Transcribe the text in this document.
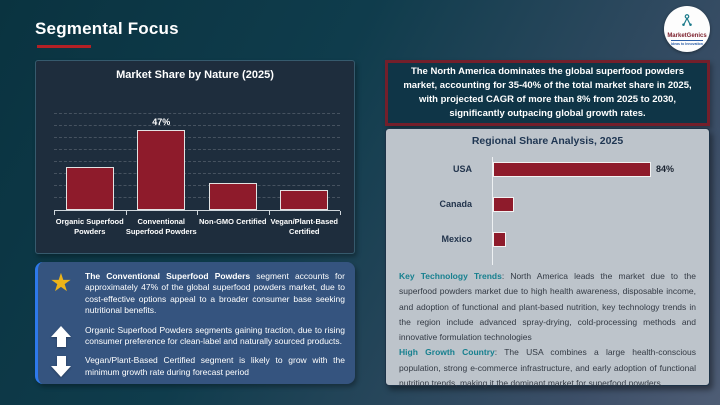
Segmental Focus	MarketGenics
Ideas to Innovation
Market Share by Nature (2025)
47%
Organic Superfood Powders
Conventional Superfood Powders
Non-GMO Certified Vegan/Plant-Based Certified
★ The Conventional Superfood Powders segment accounts for approximately 47% of the global superfood powders market, due to cost-effective options appeal to a broader consumer base seeking nutritional benefits.
Organic Superfood Powders segments gaining traction, due to rising consumer preference for clean-label and naturally sourced products.
Vegan/Plant-Based Certified segment is likely to grow with the minimum growth rate during forecast period
The North America dominates the global superfood powders market, accounting for 35-40% of the total market share in 2025, with projected CAGR of more than 8% from 2025 to 2030, significantly outpacing global growth rates.
Regional Share Analysis, 2025
USA	84%
Canada
Mexico
Key Technology Trends: North America leads the market due to the superfood powders market due to high health awareness, disposable income, and adoption of functional and plant-based nutrition, key technology trends in the region include advanced spray-drying, cold-processing methods and innovative formulation technologies
High Growth Country: The USA combines a large health-conscious population, strong e-commerce infrastructure, and early adoption of functional nutrition trends, making it the dominant market for superfood powders.
